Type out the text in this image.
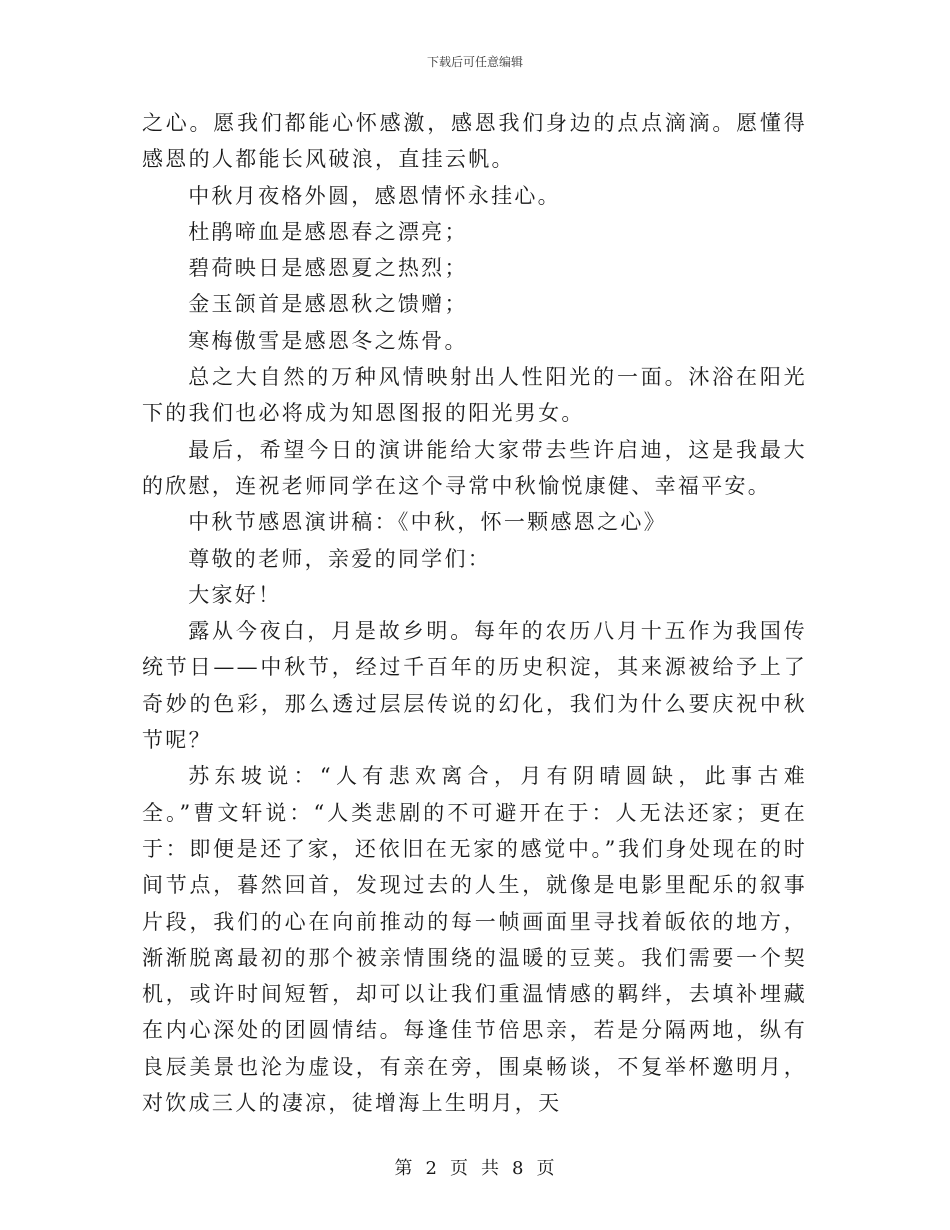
下载后可任意编辑

之心。愿我们都能心怀感激，感恩我们身边的点点滴滴。愿懂得感恩的人都能长风破浪，直挂云帆。

中秋月夜格外圆，感恩情怀永挂心。

杜鹃啼血是感恩春之漂亮；

碧荷映日是感恩夏之热烈；

金玉颌首是感恩秋之馈赠；

寒梅傲雪是感恩冬之炼骨。

总之大自然的万种风情映射出人性阳光的一面。沐浴在阳光下的我们也必将成为知恩图报的阳光男女。

最后，希望今日的演讲能给大家带去些许启迪，这是我最大的欣慰，连祝老师同学在这个寻常中秋愉悦康健、幸福平安。

中秋节感恩演讲稿：《中秋，怀一颗感恩之心》

尊敬的老师，亲爱的同学们：

大家好！

露从今夜白，月是故乡明。每年的农历八月十五作为我国传统节日——中秋节，经过千百年的历史积淀，其来源被给予上了奇妙的色彩，那么透过层层传说的幻化，我们为什么要庆祝中秋节呢？

苏东坡说：“人有悲欢离合，月有阴晴圆缺，此事古难全。”曹文轩说：“人类悲剧的不可避开在于：人无法还家；更在于：即便是还了家，还依旧在无家的感觉中。”我们身处现在的时间节点，暮然回首，发现过去的人生，就像是电影里配乐的叙事片段，我们的心在向前推动的每一帧画面里寻找着皈依的地方，渐渐脱离最初的那个被亲情围绕的温暖的豆荚。我们需要一个契机，或许时间短暂，却可以让我们重温情感的羁绊，去填补埋藏在内心深处的团圆情结。每逢佳节倍思亲，若是分隔两地，纵有良辰美景也沦为虚设，有亲在旁，围桌畅谈，不复举杯邀明月，对饮成三人的凄凉，徒增海上生明月，天

第 2 页 共 8 页
